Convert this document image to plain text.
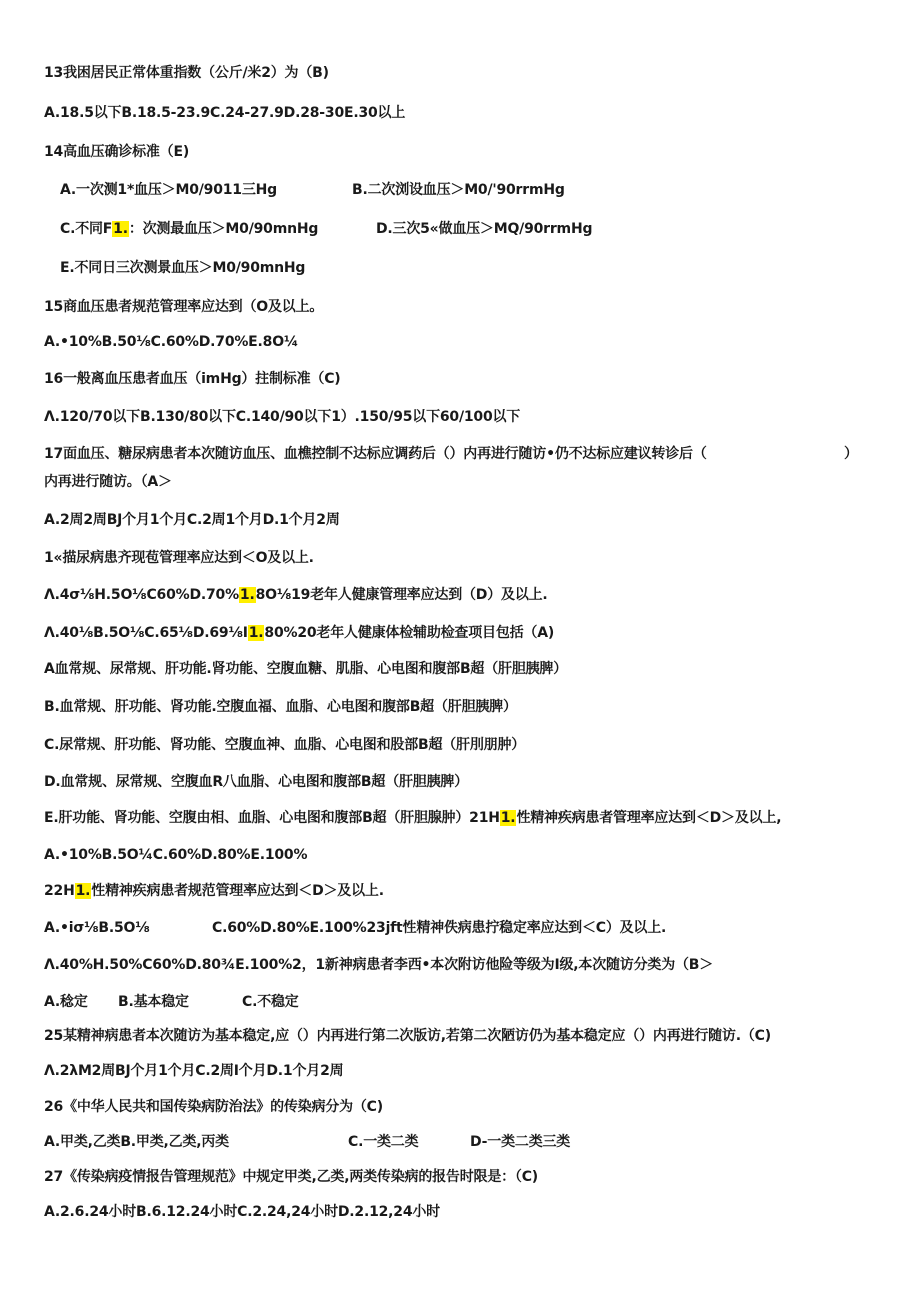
13我困居民正常体重指数（公斤/米2）为（B)
A.18.5以下B.18.5-23.9C.24-27.9D.28-30E.30以上
14高血压确诊标准（E)
A.一次测1*血压＞M0/9011三Hg	B.二次浏设血压＞M0/'90rrmHg
C.不同F1.：次测最血压＞M0/90mnHg	D.三次5«做血压＞MQ/90rrmHg
E.不同日三次测景血压＞M0/90mnHg
15商血压患者规范管理率应达到（O及以上。
A.•10%B.50⅛C.60%D.70%E.8O¼
16一般离血压患者血压（imHg）拄制标准（C)
Λ.120/70以下B.130/80以下C.140/90以下1）.150/95以下60/100以下
17面血压、糖尿病患者本次随访血压、血樵控制不达标应调药后（）内再进行随访•仍不达标应建议转诊后（	）
内再进行随访。（A＞
A.2周2周BJ个月1个月C.2周1个月D.1个月2周
1«描尿病患齐现苞管理率应达到＜O及以上.
Λ.4σ⅛H.5O⅛C60%D.70%1.8O⅛19老年人健康管理率应达到（D）及以上.
Λ.40⅛B.5O⅛C.65⅛D.69⅛I1.80%20老年人健康体检辅助检查项目包括（A)
A血常规、尿常规、肝功能.肾功能、空腹血糖、肌脂、心电图和腹部B超（肝胆胰脾）
B.血常规、肝功能、肾功能.空腹血福、血脂、心电图和腹部B超（肝胆胰脾）
C.尿常规、肝功能、肾功能、空腹血神、血脂、心电图和股部B超（肝刖朋肿）
D.血常规、尿常规、空腹血R八血脂、心电图和腹部B超（肝胆胰脾）
E.肝功能、肾功能、空腹由相、血脂、心电图和腹部B超（肝胆腺肿）21H1.性精神疾病患者管理率应达到＜D＞及以上,
A.•10%B.5O¼C.60%D.80%E.100%
22H1.性精神疾病患者规范管理率应达到＜D＞及以上.
A.•iσ⅛B.5O⅛	C.60%D.80%E.100%23jft性精神佚病患拧稳定率应达到＜C）及以上.
Λ.40%H.50%C60%D.80¾E.100%2，1新神病患者李西•本次附访他险等级为I级,本次随访分类为（B＞
A.稔定 B.基本稳定	C.不稳定
25某精神病患者本次随访为基本稳定,应（）内再进行第二次版访,若第二次陋访仍为基本稳定应（）内再进行随访.（C)
Λ.2λM2周BJ个月1个月C.2周I个月D.1个月2周
26《中华人民共和国传染病防治法》的传染病分为（C)
A.甲类,乙类B.甲类,乙类,丙类	C.一类二类	D-一类二类三类
27《传染病疫情报告管理规范》中规定甲类,乙类,两类传染病的报告时限是：（C)
A.2.6.24小时B.6.12.24小时C.2.24,24小时D.2.12,24小时
